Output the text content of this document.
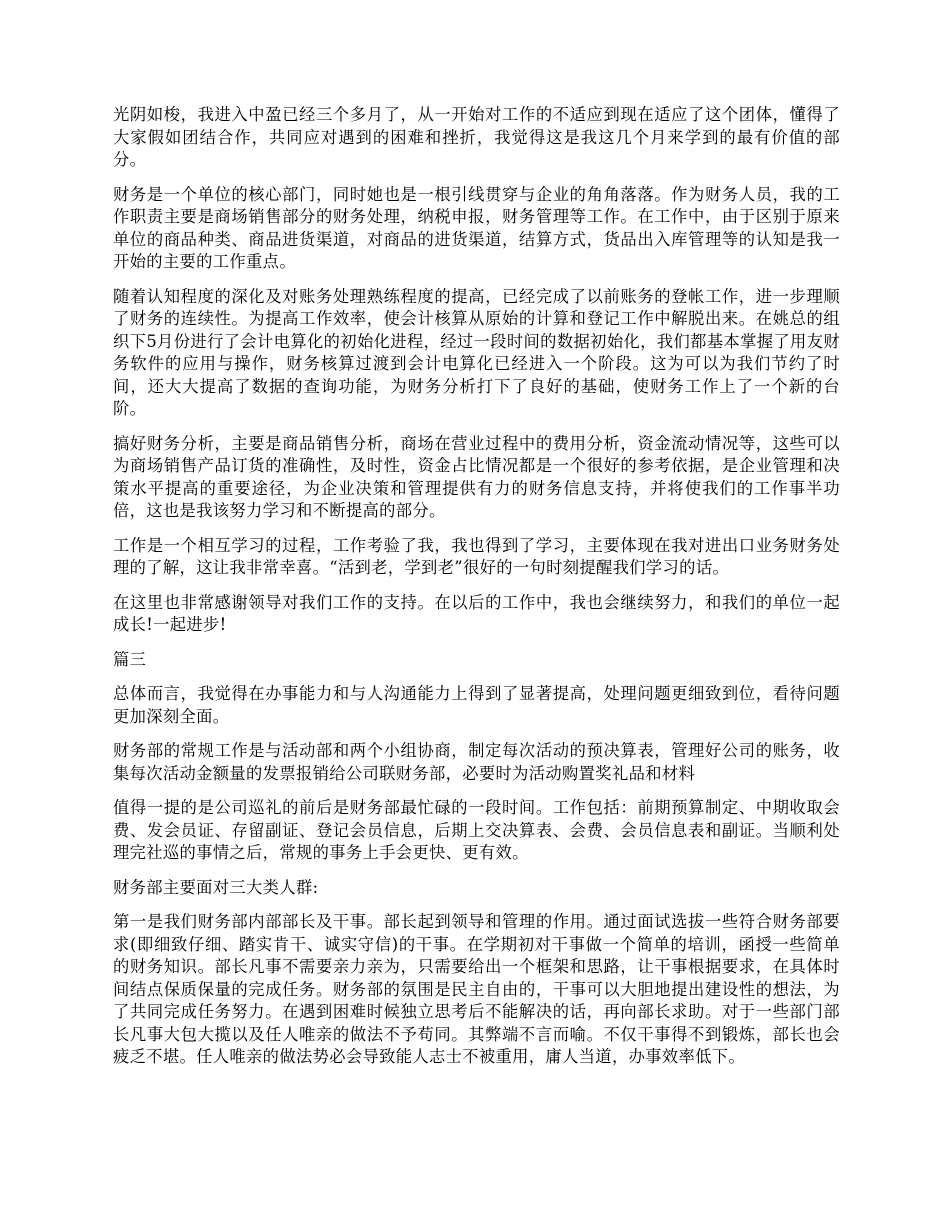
光阴如梭，我进入中盈已经三个多月了，从一开始对工作的不适应到现在适应了这个团体，懂得了大家假如团结合作，共同应对遇到的困难和挫折，我觉得这是我这几个月来学到的最有价值的部分。

财务是一个单位的核心部门，同时她也是一根引线贯穿与企业的角角落落。作为财务人员，我的工作职责主要是商场销售部分的财务处理，纳税申报，财务管理等工作。在工作中，由于区别于原来单位的商品种类、商品进货渠道，对商品的进货渠道，结算方式，货品出入库管理等的认知是我一开始的主要的工作重点。

随着认知程度的深化及对账务处理熟练程度的提高，已经完成了以前账务的登帐工作，进一步理顺了财务的连续性。为提高工作效率，使会计核算从原始的计算和登记工作中解脱出来。在姚总的组织下5月份进行了会计电算化的初始化进程，经过一段时间的数据初始化，我们都基本掌握了用友财务软件的应用与操作，财务核算过渡到会计电算化已经进入一个阶段。这为可以为我们节约了时间，还大大提高了数据的查询功能，为财务分析打下了良好的基础，使财务工作上了一个新的台阶。

搞好财务分析，主要是商品销售分析，商场在营业过程中的费用分析，资金流动情况等，这些可以为商场销售产品订货的准确性，及时性，资金占比情况都是一个很好的参考依据，是企业管理和决策水平提高的重要途径，为企业决策和管理提供有力的财务信息支持，并将使我们的工作事半功倍，这也是我该努力学习和不断提高的部分。

工作是一个相互学习的过程，工作考验了我，我也得到了学习，主要体现在我对进出口业务财务处理的了解，这让我非常幸喜。“活到老，学到老”很好的一句时刻提醒我们学习的话。

在这里也非常感谢领导对我们工作的支持。在以后的工作中，我也会继续努力，和我们的单位一起成长!一起进步!

篇三

总体而言，我觉得在办事能力和与人沟通能力上得到了显著提高，处理问题更细致到位，看待问题更加深刻全面。

财务部的常规工作是与活动部和两个小组协商，制定每次活动的预决算表，管理好公司的账务，收集每次活动金额量的发票报销给公司联财务部，必要时为活动购置奖礼品和材料

值得一提的是公司巡礼的前后是财务部最忙碌的一段时间。工作包括：前期预算制定、中期收取会费、发会员证、存留副证、登记会员信息，后期上交决算表、会费、会员信息表和副证。当顺利处理完社巡的事情之后，常规的事务上手会更快、更有效。

财务部主要面对三大类人群:

第一是我们财务部内部部长及干事。部长起到领导和管理的作用。通过面试选拔一些符合财务部要求(即细致仔细、踏实肯干、诚实守信)的干事。在学期初对干事做一个简单的培训，函授一些简单的财务知识。部长凡事不需要亲力亲为，只需要给出一个框架和思路，让干事根据要求，在具体时间结点保质保量的完成任务。财务部的氛围是民主自由的，干事可以大胆地提出建设性的想法，为了共同完成任务努力。在遇到困难时候独立思考后不能解决的话，再向部长求助。对于一些部门部长凡事大包大揽以及任人唯亲的做法不予苟同。其弊端不言而喻。不仅干事得不到锻炼，部长也会疲乏不堪。任人唯亲的做法势必会导致能人志士不被重用，庸人当道，办事效率低下。
